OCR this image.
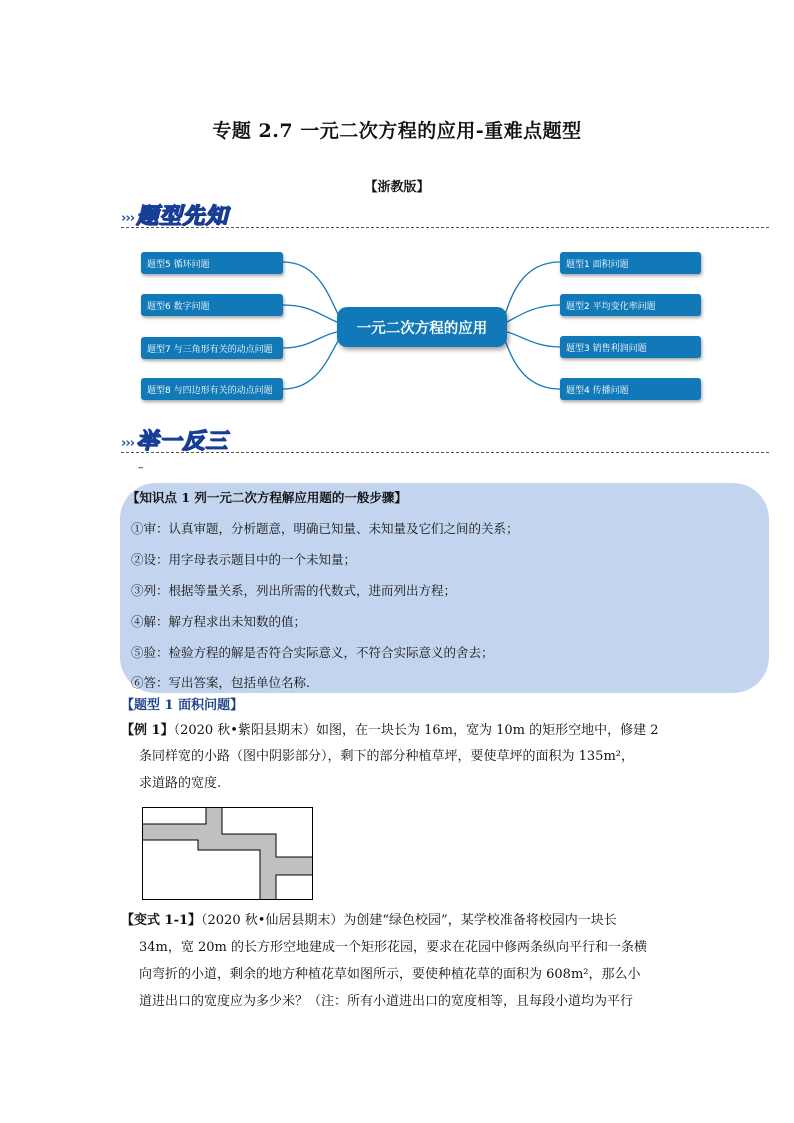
专题 2.7 一元二次方程的应用-重难点题型
【浙教版】
››› 题型先知
题型5 循环问题
题型6 数字问题
题型7 与三角形有关的动点问题
题型8 与四边形有关的动点问题
题型1 面积问题
题型2 平均变化率问题
题型3 销售利润问题
题型4 传播问题
一元二次方程的应用
››› 举一反三
–
【知识点 1 列一元二次方程解应用题的一般步骤】
①审：认真审题，分析题意，明确已知量、未知量及它们之间的关系；
②设：用字母表示题目中的一个未知量；
③列：根据等量关系，列出所需的代数式，进而列出方程；
④解：解方程求出未知数的值；
⑤验：检验方程的解是否符合实际意义，不符合实际意义的舍去；
⑥答：写出答案，包括单位名称.
【题型 1 面积问题】
【例 1】（2020 秋•紫阳县期末）如图，在一块长为 16m，宽为 10m 的矩形空地中，修建 2
条同样宽的小路（图中阴影部分），剩下的部分种植草坪，要使草坪的面积为 135m²，
求道路的宽度.
【变式 1-1】（2020 秋•仙居县期末）为创建“绿色校园”，某学校准备将校园内一块长
34m，宽 20m 的长方形空地建成一个矩形花园，要求在花园中修两条纵向平行和一条横
向弯折的小道，剩余的地方种植花草如图所示，要使种植花草的面积为 608m²，那么小
道进出口的宽度应为多少米？（注：所有小道进出口的宽度相等，且每段小道均为平行
